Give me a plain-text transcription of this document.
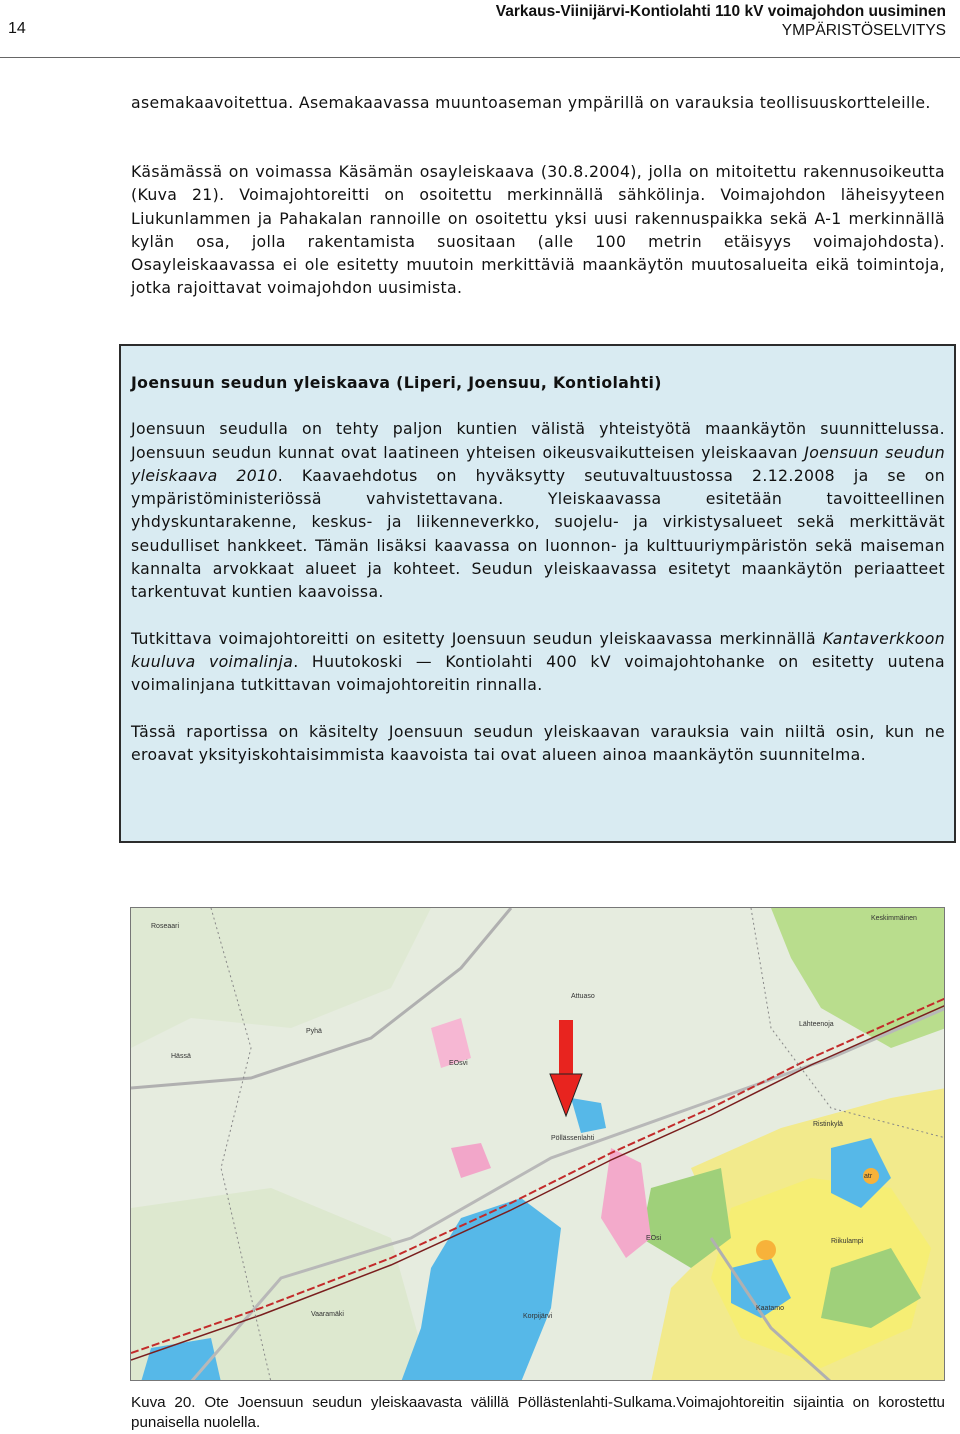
14
Varkaus-Viinijärvi-Kontiolahti 110 kV voimajohdon uusiminen
YMPÄRISTÖSELVITYS

asemakaavoitettua. Asemakaavassa muuntoaseman ympärillä on varauksia teollisuuskortteleille.

Käsämässä on voimassa Käsämän osayleiskaava (30.8.2004), jolla on mitoitettu rakennusoikeutta (Kuva 21). Voimajohtoreitti on osoitettu merkinnällä sähkölinja. Voimajohdon läheisyyteen Liukunlammen ja Pahakalan rannoille on osoitettu yksi uusi rakennuspaikka sekä A-1 merkinnällä kylän osa, jolla rakentamista suositaan (alle 100 metrin etäisyys voimajohdosta). Osayleiskaavassa ei ole esitetty muutoin merkittäviä maankäytön muutosalueita eikä toimintoja, jotka rajoittavat voimajohdon uusimista.

Joensuun seudun yleiskaava (Liperi, Joensuu, Kontiolahti)

Joensuun seudulla on tehty paljon kuntien välistä yhteistyötä maankäytön suunnittelussa. Joensuun seudun kunnat ovat laatineen yhteisen oikeusvaikutteisen yleiskaavan Joensuun seudun yleiskaava 2010. Kaavaehdotus on hyväksytty seutuvaltuustossa 2.12.2008 ja se on ympäristöministeriössä vahvistettavana. Yleiskaavassa esitetään tavoitteellinen yhdyskuntarakenne, keskus- ja liikenneverkko, suojelu- ja virkistysalueet sekä merkittävät seudulliset hankkeet. Tämän lisäksi kaavassa on luonnon- ja kulttuuriympäristön sekä maiseman kannalta arvokkaat alueet ja kohteet. Seudun yleiskaavassa esitetyt maankäytön periaatteet tarkentuvat kuntien kaavoissa.

Tutkittava voimajohtoreitti on esitetty Joensuun seudun yleiskaavassa merkinnällä Kantaverkkoon kuuluva voimalinja. Huutokoski — Kontiolahti 400 kV voimajohtohanke on esitetty uutena voimalinjana tutkittavan voimajohtoreitin rinnalla.

Tässä raportissa on käsitelty Joensuun seudun yleiskaavan varauksia vain niiltä osin, kun ne eroavat yksityiskohtaisimmista kaavoista tai ovat alueen ainoa maankäytön suunnitelma.

Kaatamo
Ristinkylä
Keskimmäinen
Korpijärvi
Vaaramäki
Pöllässenlahti
Lähteenoja
Pyhä
Attuaso
Hässä
EOsvi
EOsi	Riikulampi
atr
Roseaari
Kuva 20. Ote Joensuun seudun yleiskaavasta välillä Pöllästenlahti-Sulkama.Voimajohtoreitin sijaintia on korostettu punaisella nuolella.
